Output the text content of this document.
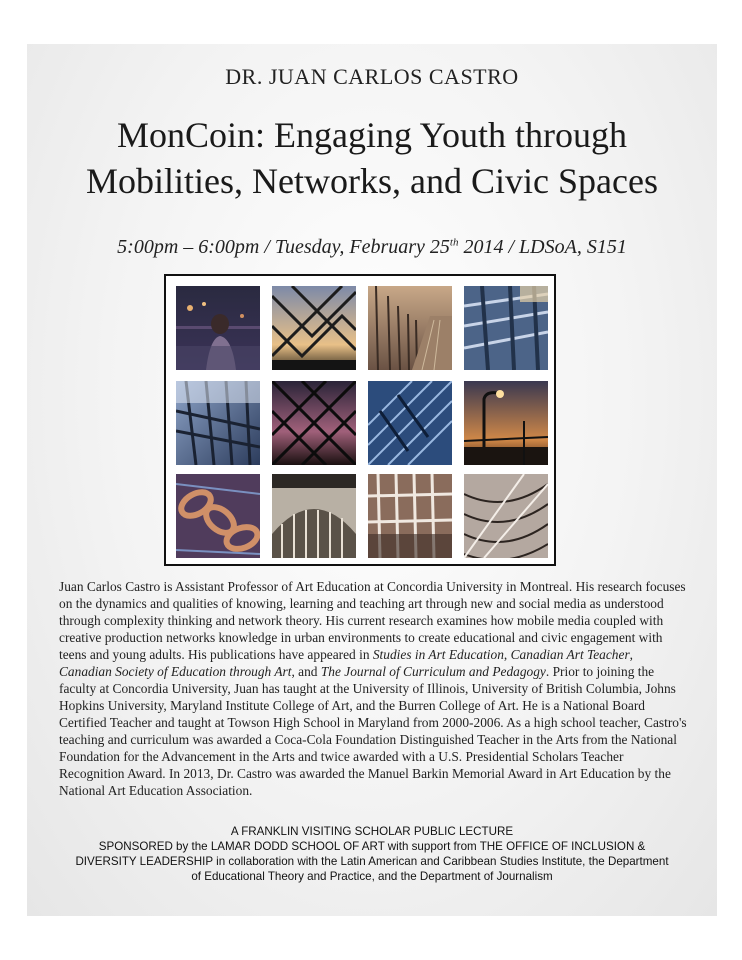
DR. JUAN CARLOS CASTRO
MonCoin: Engaging Youth through
Mobilities, Networks, and Civic Spaces
5:00pm – 6:00pm / Tuesday, February 25th 2014 / LDSoA, S151
Juan Carlos Castro is Assistant Professor of Art Education at Concordia University in Montreal. His research focuses on the dynamics and qualities of knowing, learning and teaching art through new and social media as understood through complexity thinking and network theory. His current research examines how mobile media coupled with creative production networks knowledge in urban environments to create educational and civic engagement with teens and young adults. His publications have appeared in Studies in Art Education, Canadian Art Teacher, Canadian Society of Education through Art, and The Journal of Curriculum and Pedagogy. Prior to joining the faculty at Concordia University, Juan has taught at the University of Illinois, University of British Columbia, Johns Hopkins University, Maryland Institute College of Art, and the Burren College of Art. He is a National Board Certified Teacher and taught at Towson High School in Maryland from 2000-2006. As a high school teacher, Castro's teaching and curriculum was awarded a Coca-Cola Foundation Distinguished Teacher in the Arts from the National Foundation for the Advancement in the Arts and twice awarded with a U.S. Presidential Scholars Teacher Recognition Award. In 2013, Dr. Castro was awarded the Manuel Barkin Memorial Award in Art Education by the National Art Education Association.
A FRANKLIN VISITING SCHOLAR PUBLIC LECTURE
SPONSORED by the LAMAR DODD SCHOOL OF ART with support from THE OFFICE OF INCLUSION &
DIVERSITY LEADERSHIP in collaboration with the Latin American and Caribbean Studies Institute, the Department
of Educational Theory and Practice, and the Department of Journalism
